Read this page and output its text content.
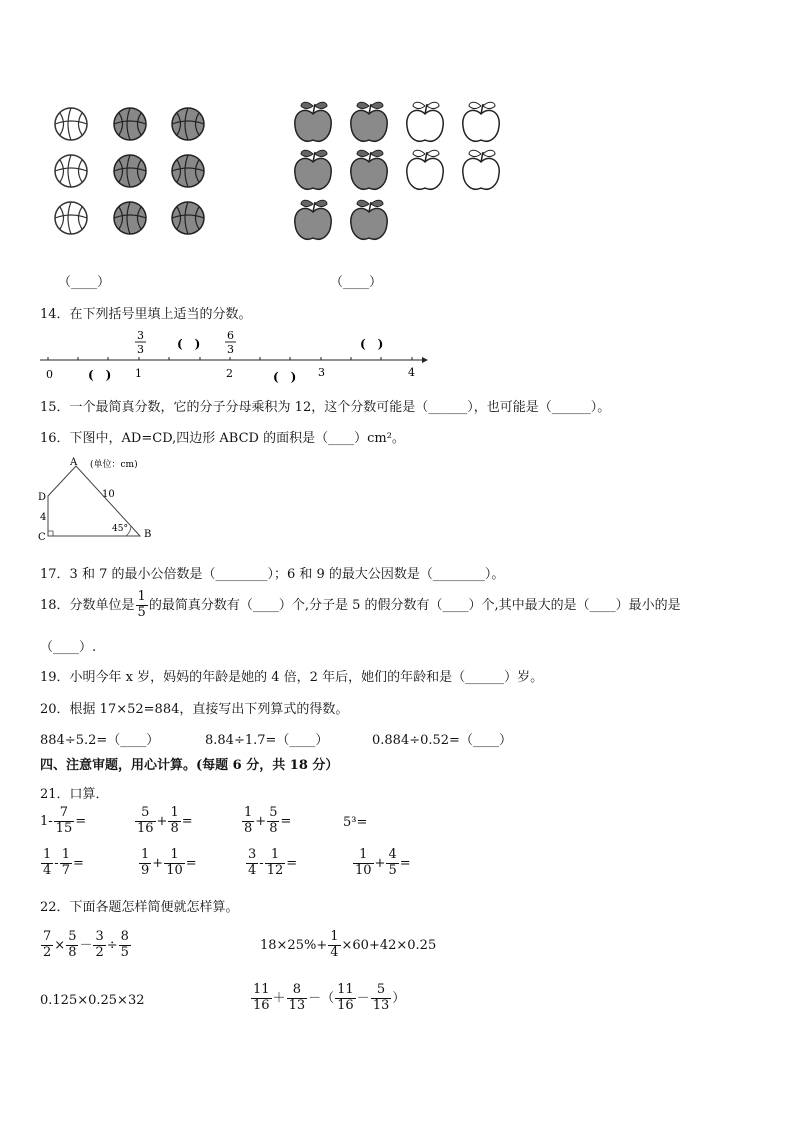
（____）	（____）
14．在下列括号里填上适当的分数。
0	1	2	3	4
3
3
6
3
(　)	(　)
(　)	(　)
15．一个最简真分数，它的分子分母乘积为 12，这个分数可能是（______），也可能是（______）。
16．下图中，AD=CD,四边形 ABCD 的面积是（____）cm²。
A
D
C	B
10
4
45°
(单位：cm)
17．3 和 7 的最小公倍数是（________）；6 和 9 的最大公因数是（________）。
18．分数单位是 $\frac{1}{5}$ 的最简真分数有（____）个,分子是 5 的假分数有（____）个,其中最大的是（____）最小的是
（____）.
19．小明今年 x 岁，妈妈的年龄是她的 4 倍，2 年后，她们的年龄和是（______）岁。
20．根据 17×52=884，直接写出下列算式的得数。
884÷5.2=（____）	8.84÷1.7=（____）	0.884÷0.52=（____）
四、注意审题，用心计算。(每题 6 分，共 18 分）
21．口算．
$1- \frac{7}{15}$ =	$\frac{5}{16} + \frac{1}{8}$ =	$\frac{1}{8} + \frac{5}{8}$ =	5³=
$\frac{1}{4} - \frac{1}{7}$ =	$\frac{1}{9} + \frac{1}{10}$ =	$\frac{3}{4} - \frac{1}{12}$ =	$\frac{1}{10} + \frac{4}{5}$ =
22．下面各题怎样简便就怎样算。
$\frac{7}{2} \times \frac{5}{8} - \frac{3}{2} \div \frac{8}{5}$	$18\times 25\%+ \frac{1}{4} \times 60+42\times 0.25$
0.125×0.25×32	$\frac{11}{16} + \frac{8}{13}$ －（ $\frac{11}{16} - \frac{5}{13}$ ）
